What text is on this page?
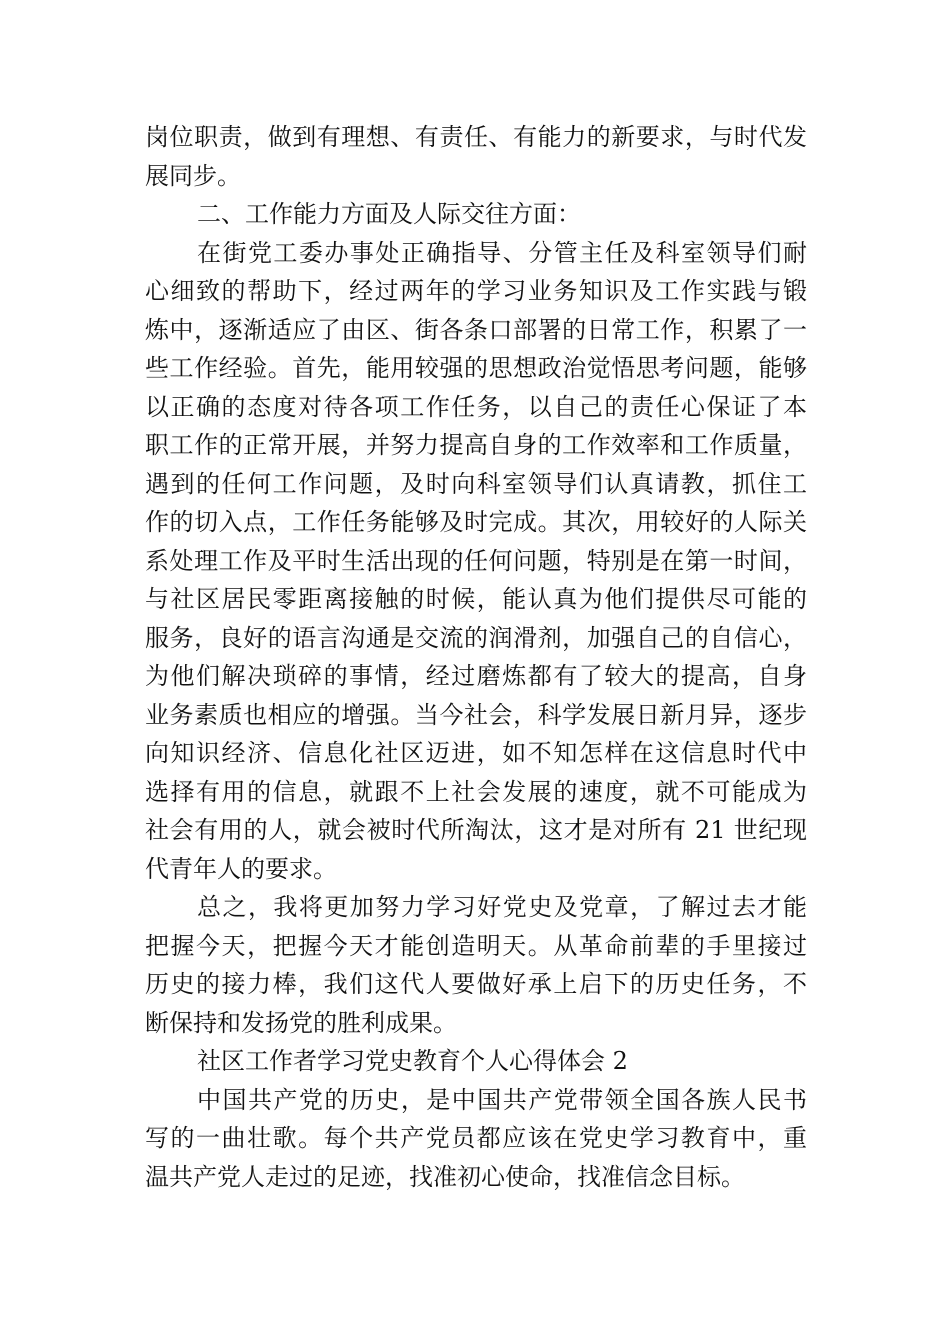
岗位职责，做到有理想、有责任、有能力的新要求，与时代发
展同步。
二、工作能力方面及人际交往方面：
在街党工委办事处正确指导、分管主任及科室领导们耐
心细致的帮助下，经过两年的学习业务知识及工作实践与锻
炼中，逐渐适应了由区、街各条口部署的日常工作，积累了一
些工作经验。首先，能用较强的思想政治觉悟思考问题，能够
以正确的态度对待各项工作任务，以自己的责任心保证了本
职工作的正常开展，并努力提高自身的工作效率和工作质量，
遇到的任何工作问题，及时向科室领导们认真请教，抓住工
作的切入点，工作任务能够及时完成。其次，用较好的人际关
系处理工作及平时生活出现的任何问题，特别是在第一时间，
与社区居民零距离接触的时候，能认真为他们提供尽可能的
服务，良好的语言沟通是交流的润滑剂，加强自己的自信心，
为他们解决琐碎的事情，经过磨炼都有了较大的提高，自身
业务素质也相应的增强。当今社会，科学发展日新月异，逐步
向知识经济、信息化社区迈进，如不知怎样在这信息时代中
选择有用的信息，就跟不上社会发展的速度，就不可能成为
社会有用的人，就会被时代所淘汰，这才是对所有 21 世纪现
代青年人的要求。
总之，我将更加努力学习好党史及党章，了解过去才能
把握今天，把握今天才能创造明天。从革命前辈的手里接过
历史的接力棒，我们这代人要做好承上启下的历史任务，不
断保持和发扬党的胜利成果。
社区工作者学习党史教育个人心得体会 2
中国共产党的历史，是中国共产党带领全国各族人民书
写的一曲壮歌。每个共产党员都应该在党史学习教育中，重
温共产党人走过的足迹，找准初心使命，找准信念目标。
